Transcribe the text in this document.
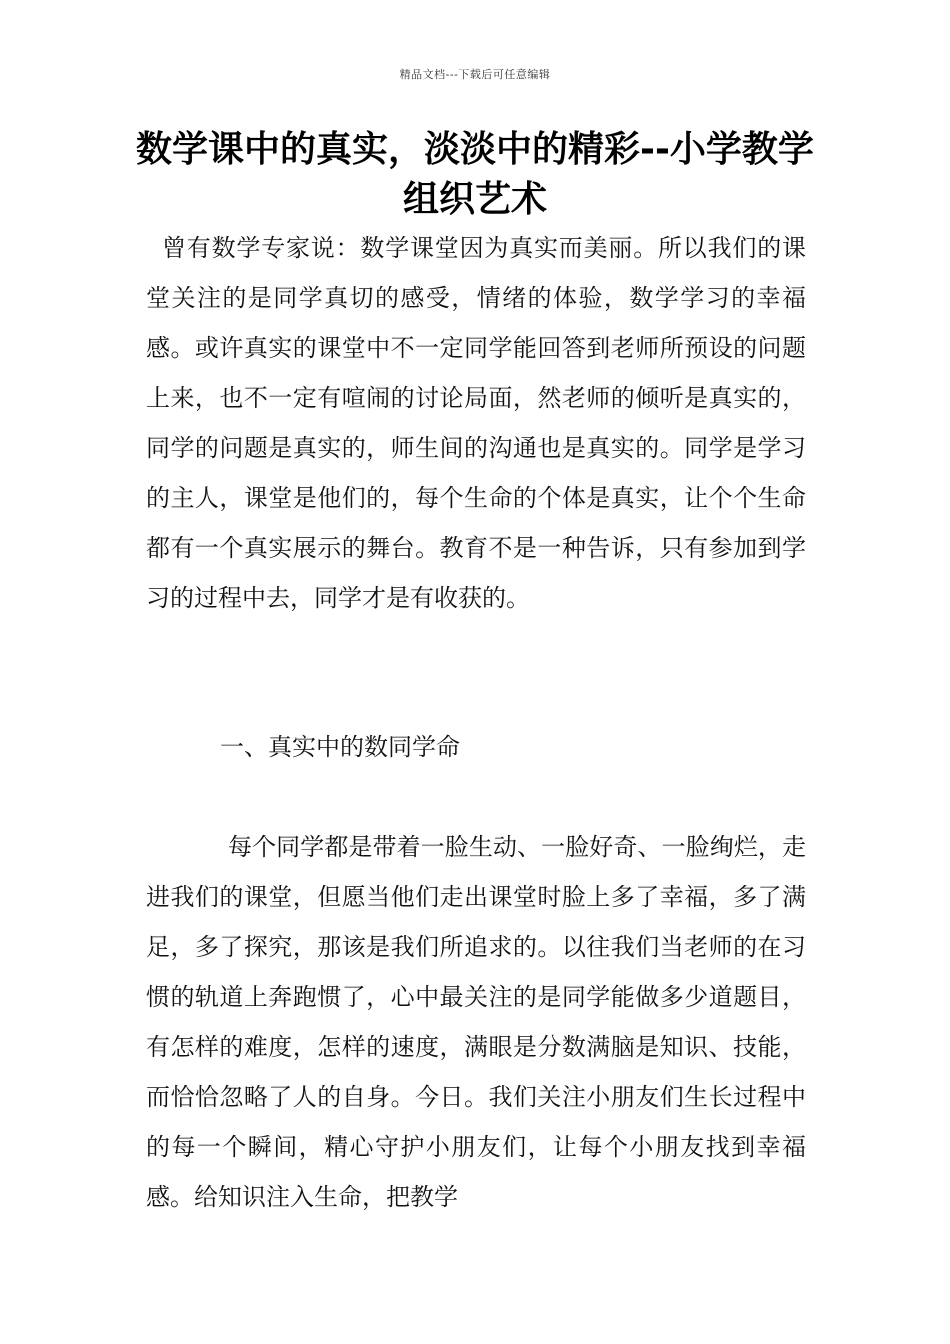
精品文档---下载后可任意编辑
数学课中的真实，淡淡中的精彩--小学教学组织艺术

曾有数学专家说：数学课堂因为真实而美丽。所以我们的课堂关注的是同学真切的感受，情绪的体验，数学学习的幸福感。或许真实的课堂中不一定同学能回答到老师所预设的问题上来，也不一定有喧闹的讨论局面，然老师的倾听是真实的，同学的问题是真实的，师生间的沟通也是真实的。同学是学习的主人，课堂是他们的，每个生命的个体是真实，让个个生命都有一个真实展示的舞台。教育不是一种告诉，只有参加到学习的过程中去，同学才是有收获的。

一、真实中的数同学命

每个同学都是带着一脸生动、一脸好奇、一脸绚烂，走进我们的课堂，但愿当他们走出课堂时脸上多了幸福，多了满足，多了探究，那该是我们所追求的。以往我们当老师的在习惯的轨道上奔跑惯了，心中最关注的是同学能做多少道题目，有怎样的难度，怎样的速度，满眼是分数满脑是知识、技能，而恰恰忽略了人的自身。今日。我们关注小朋友们生长过程中的每一个瞬间，精心守护小朋友们，让每个小朋友找到幸福感。给知识注入生命，把教学
